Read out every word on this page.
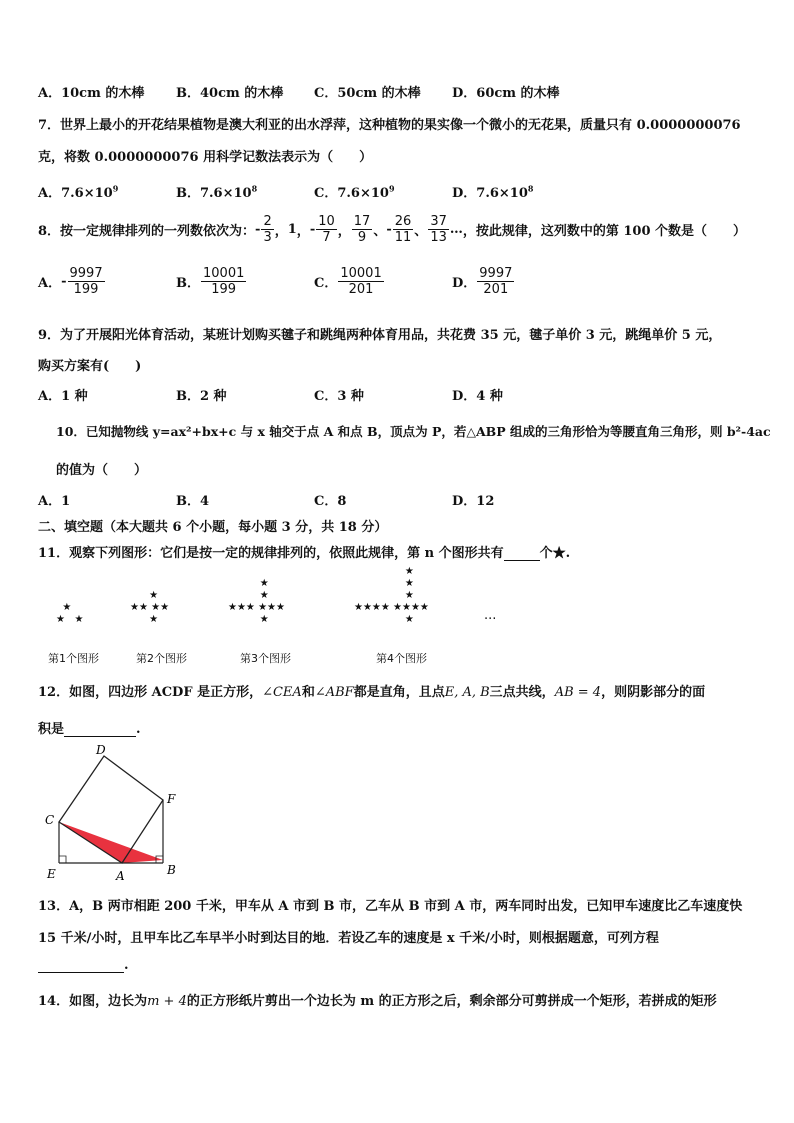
A．10cm 的木棒 B．40cm 的木棒 C．50cm 的木棒 D．60cm 的木棒
7．世界上最小的开花结果植物是澳大利亚的出水浮萍，这种植物的果实像一个微小的无花果，质量只有 0.0000000076
克，将数 0.0000000076 用科学记数法表示为（　　）
A．$7.6\times 10^9$	B．$7.6\times 10^8$	C．$7.6\times 10^9$	D．$7.6\times 10^8$
8．按一定规律排列的一列数依次为：- $\frac{2}{3}$ ，1，- $\frac{10}{7}$ ， $\frac{17}{9}$ 、- $\frac{26}{11}$ 、 $\frac{37}{13}$ …，按此规律，这列数中的第 100 个数是（　　）
A．- $\frac{9997}{199}$	B． $\frac{10001}{199}$	C． $\frac{10001}{201}$	D． $\frac{9997}{201}$
9．为了开展阳光体育活动，某班计划购买毽子和跳绳两种体育用品，共花费 35 元，毽子单价 3 元，跳绳单价 5 元，
购买方案有(　　)
A．1 种	B．2 种	C．3 种	D．4 种
10．已知抛物线 y=ax²+bx+c 与 x 轴交于点 A 和点 B，顶点为 P，若△ABP 组成的三角形恰为等腰直角三角形，则 b²-4ac
的值为（　　）
A．1	B．4	C．8	D．12
二、填空题（本大题共 6 个小题，每小题 3 分，共 18 分）
11．观察下列图形：它们是按一定的规律排列的，依照此规律，第 n 个图形共有	个★.
★
★   ★
★
★★ ★★
★
★
★
★★★ ★★★
★
★
★
★
★★★★ ★★★★
★	···
第1个图形	第2个图形	第3个图形	第4个图形
12．如图，四边形 ACDF 是正方形，∠CEA和∠ABF都是直角，且点E, A, B三点共线，AB = 4，则阴影部分的面
积是	.
D
F
C
E	A	B
13．A，B 两市相距 200 千米，甲车从 A 市到 B 市，乙车从 B 市到 A 市，两车同时出发，已知甲车速度比乙车速度快
15 千米/小时，且甲车比乙车早半小时到达目的地．若设乙车的速度是 x 千米/小时，则根据题意，可列方程
.
14．如图，边长为m + 4的正方形纸片剪出一个边长为 m 的正方形之后，剩余部分可剪拼成一个矩形，若拼成的矩形
